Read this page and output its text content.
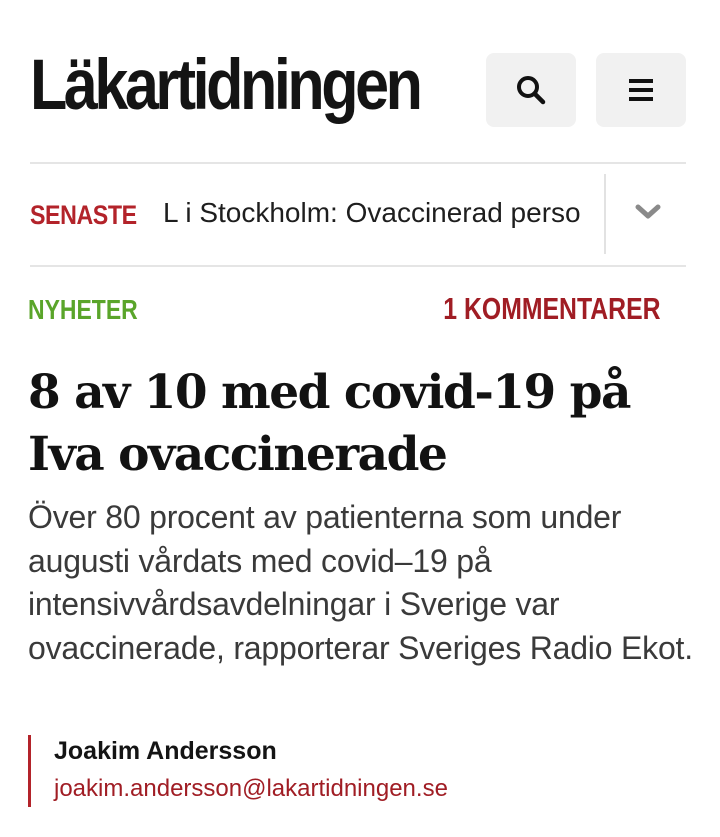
Läkartidningen
SENASTE L i Stockholm: Ovaccinerad perso
NYHETER	1 KOMMENTARER
8 av 10 med covid-19 på Iva ovaccinerade

Över 80 procent av patienterna som under augusti vårdats med covid–19 på intensivvårdsavdelningar i Sverige var ovaccinerade, rapporterar Sveriges Radio Ekot.

Joakim Andersson
joakim.andersson@lakartidningen.se
